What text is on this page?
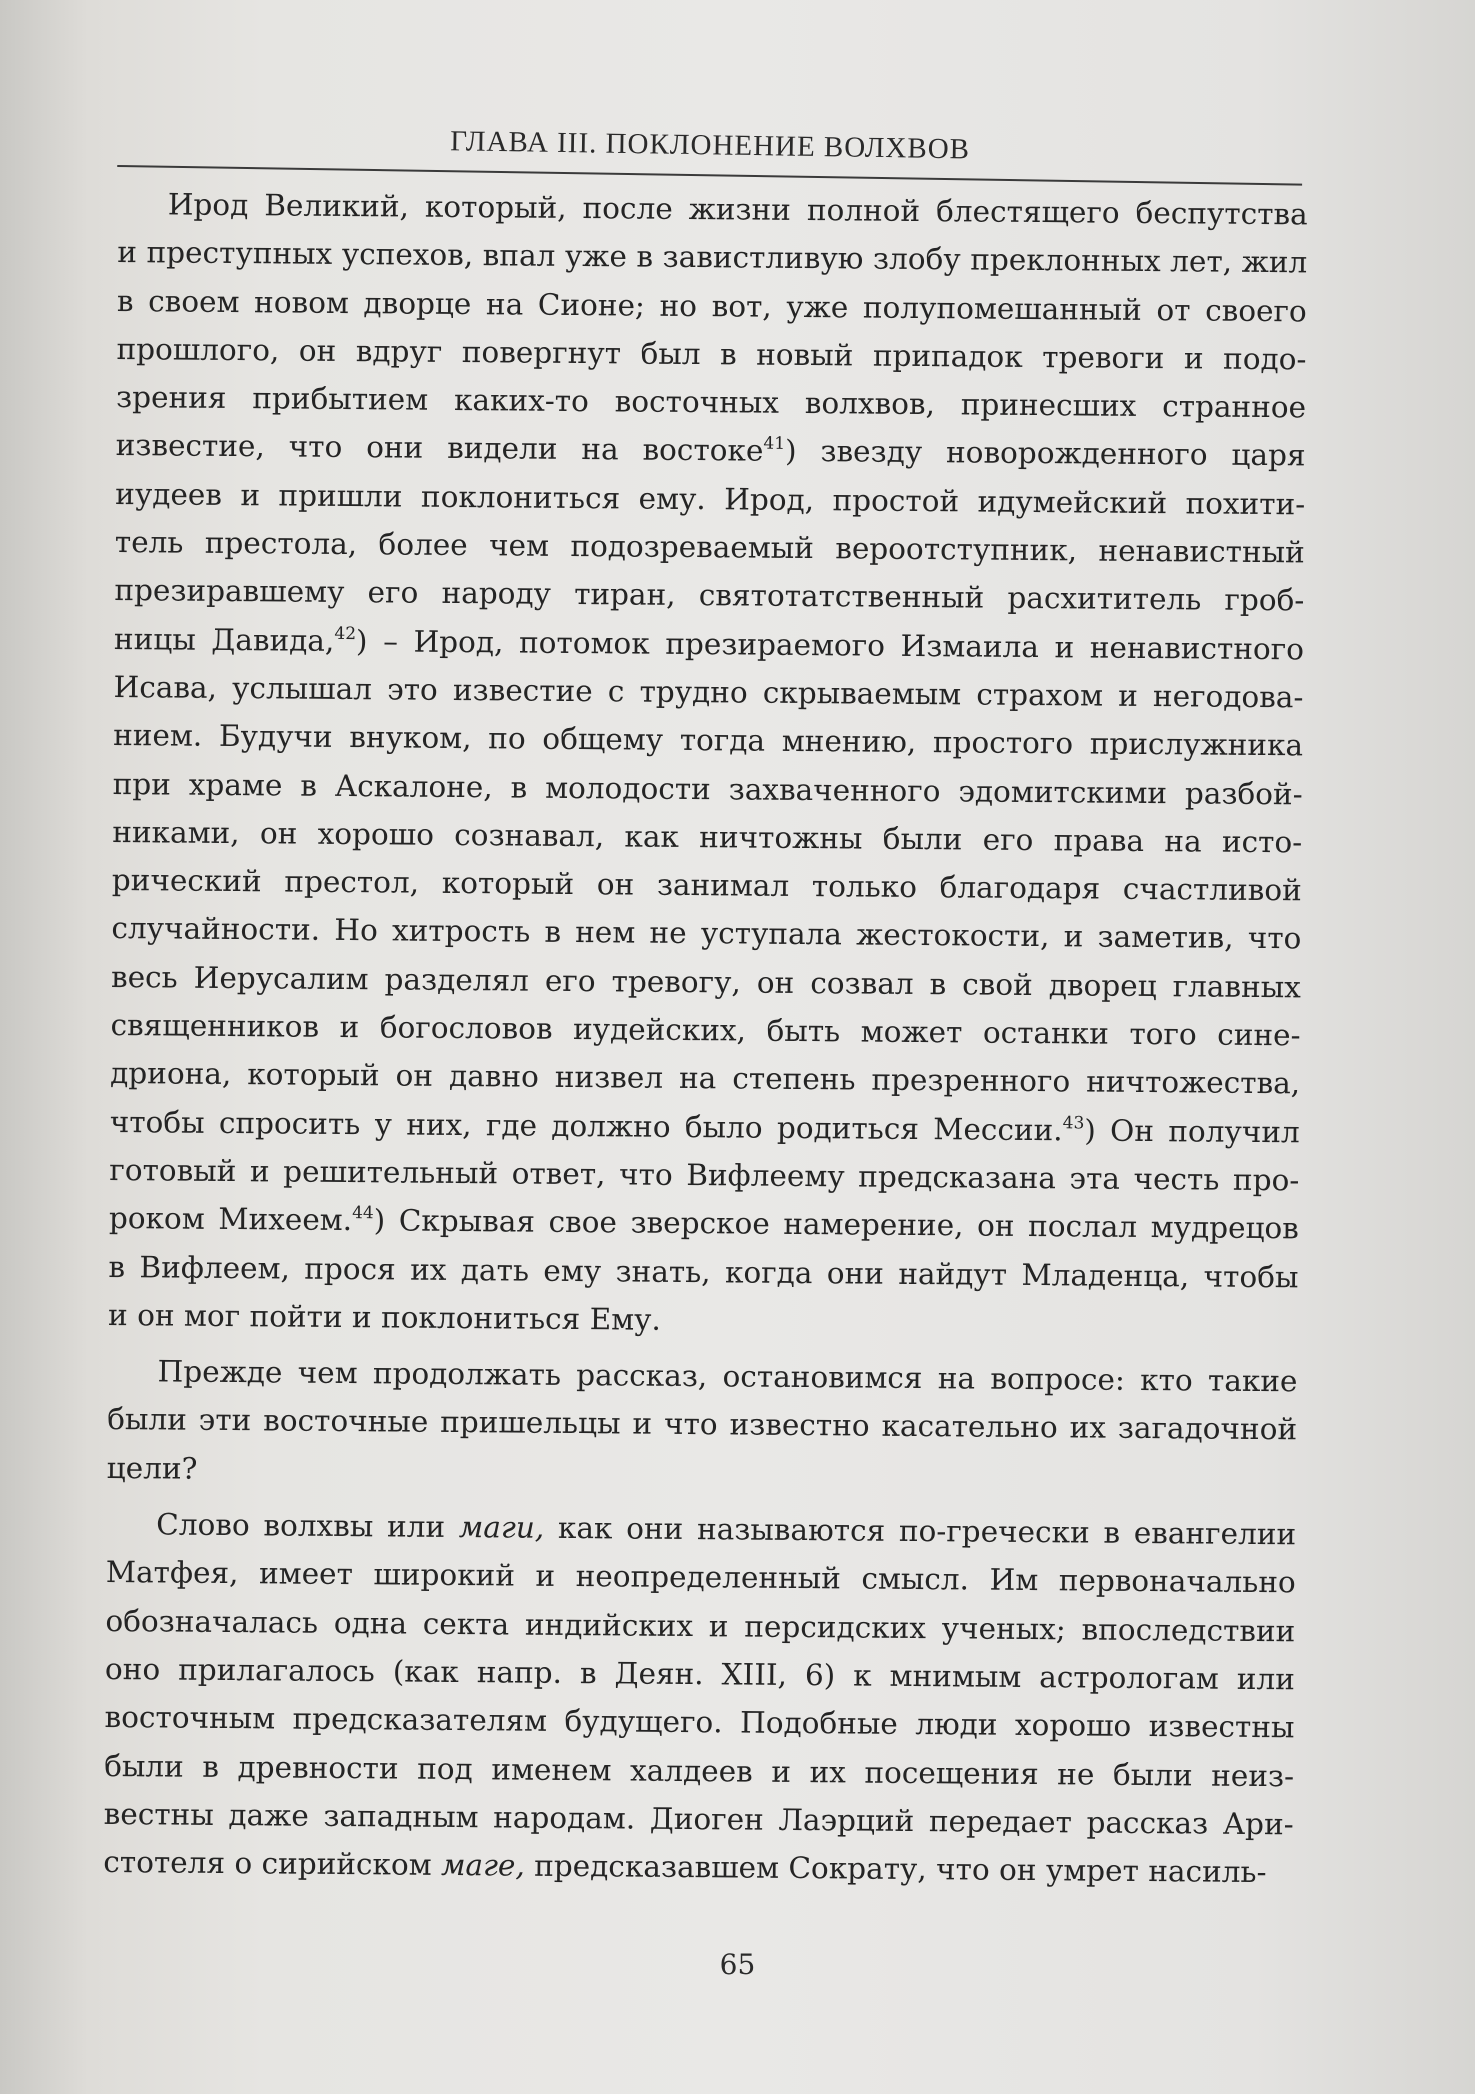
ГЛАВА III. ПОКЛОНЕНИЕ ВОЛХВОВ
Ирод Великий, который, после жизни полной блестящего беспутства
и преступных успехов, впал уже в завистливую злобу преклонных лет, жил
в своем новом дворце на Сионе; но вот, уже полупомешанный от своего
прошлого, он вдруг повергнут был в новый припадок тревоги и подо-
зрения прибытием каких-то восточных волхвов, принесших странное
известие, что они видели на востоке$^{41}$) звезду новорожденного царя
иудеев и пришли поклониться ему. Ирод, простой идумейский похити-
тель престола, более чем подозреваемый вероотступник, ненавистный
презиравшему его народу тиран, святотатственный расхититель гроб-
ницы Давида,$^{42}$) – Ирод, потомок презираемого Измаила и ненавистного
Исава, услышал это известие с трудно скрываемым страхом и негодова-
нием. Будучи внуком, по общему тогда мнению, простого прислужника
при храме в Аскалоне, в молодости захваченного эдомитскими разбой-
никами, он хорошо сознавал, как ничтожны были его права на исто-
рический престол, который он занимал только благодаря счастливой
случайности. Но хитрость в нем не уступала жестокости, и заметив, что
весь Иерусалим разделял его тревогу, он созвал в свой дворец главных
священников и богословов иудейских, быть может останки того сине-
дриона, который он давно низвел на степень презренного ничтожества,
чтобы спросить у них, где должно было родиться Мессии.$^{43}$) Он получил
готовый и решительный ответ, что Вифлеему предсказана эта честь про-
роком Михеем.$^{44}$) Скрывая свое зверское намерение, он послал мудрецов
в Вифлеем, прося их дать ему знать, когда они найдут Младенца, чтобы
и он мог пойти и поклониться Ему.
Прежде чем продолжать рассказ, остановимся на вопросе: кто такие
были эти восточные пришельцы и что известно касательно их загадочной
цели?
Слово волхвы или маги, как они называются по-гречески в евангелии
Матфея, имеет широкий и неопределенный смысл. Им первоначально
обозначалась одна секта индийских и персидских ученых; впоследствии
оно прилагалось (как напр. в Деян. XIII, 6) к мнимым астрологам или
восточным предсказателям будущего. Подобные люди хорошо известны
были в древности под именем халдеев и их посещения не были неиз-
вестны даже западным народам. Диоген Лаэрций передает рассказ Ари-
стотеля о сирийском маге, предсказавшем Сократу, что он умрет насиль-
65
